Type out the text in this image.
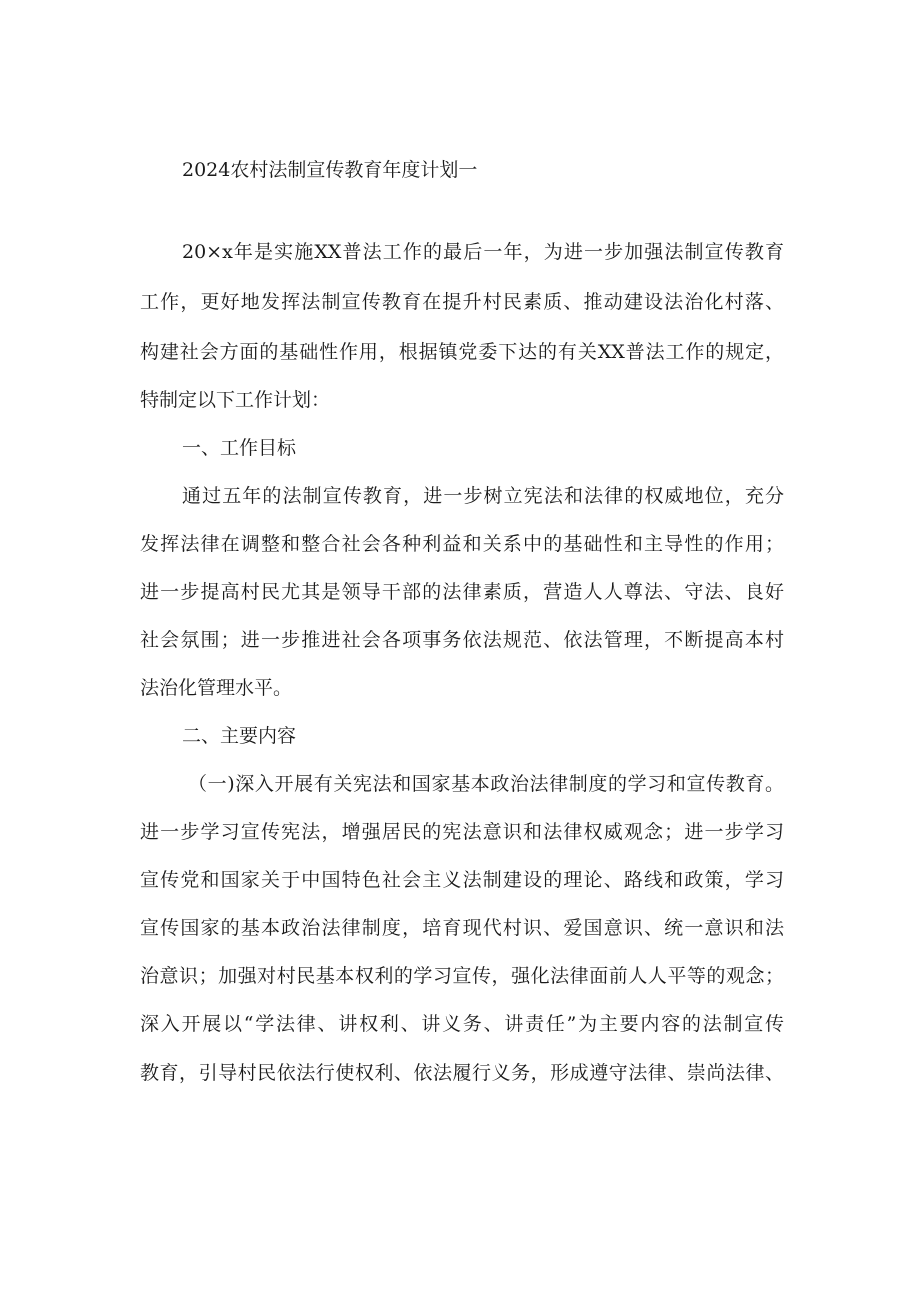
2024农村法制宣传教育年度计划一
20×x年是实施XX普法工作的最后一年，为进一步加强法制宣传教育
工作，更好地发挥法制宣传教育在提升村民素质、推动建设法治化村落、
构建社会方面的基础性作用，根据镇党委下达的有关XX普法工作的规定，
特制定以下工作计划：
一、工作目标
通过五年的法制宣传教育，进一步树立宪法和法律的权威地位，充分
发挥法律在调整和整合社会各种利益和关系中的基础性和主导性的作用；
进一步提高村民尤其是领导干部的法律素质，营造人人尊法、守法、良好
社会氛围；进一步推进社会各项事务依法规范、依法管理，不断提高本村
法治化管理水平。
二、主要内容
（一)深入开展有关宪法和国家基本政治法律制度的学习和宣传教育。
进一步学习宣传宪法，增强居民的宪法意识和法律权威观念；进一步学习
宣传党和国家关于中国特色社会主义法制建设的理论、路线和政策，学习
宣传国家的基本政治法律制度，培育现代村识、爱国意识、统一意识和法
治意识；加强对村民基本权利的学习宣传，强化法律面前人人平等的观念；
深入开展以“学法律、讲权利、讲义务、讲责任”为主要内容的法制宣传
教育，引导村民依法行使权利、依法履行义务，形成遵守法律、崇尚法律、
